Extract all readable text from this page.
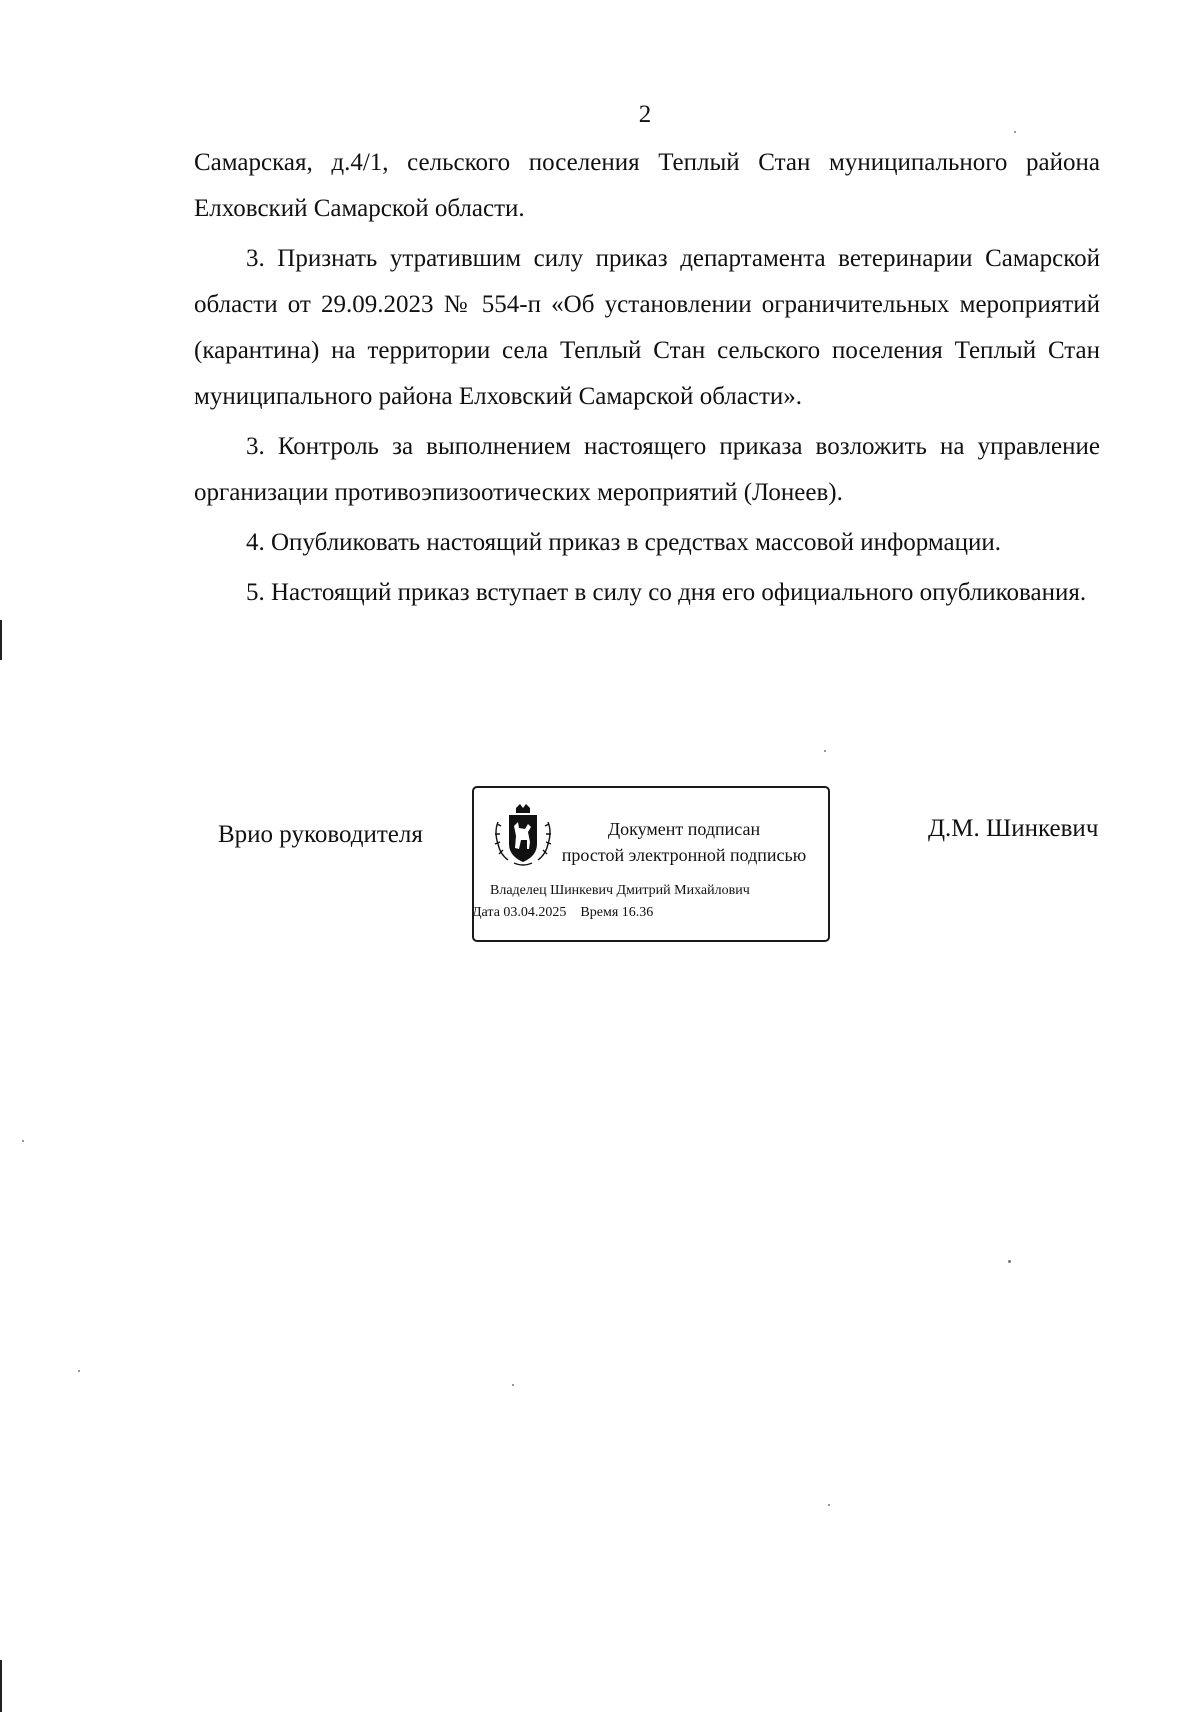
2

Самарская, д.4/1, сельского поселения Теплый Стан муниципального района Елховский Самарской области.

3. Признать утратившим силу приказ департамента ветеринарии Самарской области от 29.09.2023 № 554-п «Об установлении ограничительных мероприятий (карантина) на территории села Теплый Стан сельского поселения Теплый Стан муниципального района Елховский Самарской области».

3. Контроль за выполнением настоящего приказа возложить на управление организации противоэпизоотических мероприятий (Лонеев).

4. Опубликовать настоящий приказ в средствах массовой информации.

5. Настоящий приказ вступает в силу со дня его официального опубликования.

Врио руководителя	Документ подписан
простой электронной подписью
Владелец Шинкевич Дмитрий Михайлович
Дата 03.04.2025 Время 16.36
Д.М. Шинкевич
